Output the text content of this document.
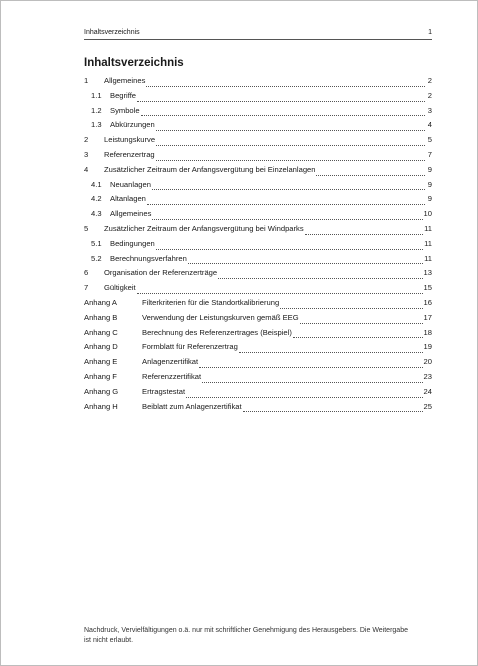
Inhaltsverzeichnis	1
Inhaltsverzeichnis
1	Allgemeines	2
1.1	Begriffe	2
1.2	Symbole	3
1.3	Abkürzungen	4
2	Leistungskurve	5
3	Referenzertrag	7
4	Zusätzlicher Zeitraum der Anfangsvergütung bei Einzelanlagen	9
4.1	Neuanlagen	9
4.2	Altanlagen	9
4.3	Allgemeines	10
5	Zusätzlicher Zeitraum der Anfangsvergütung bei Windparks	11
5.1	Bedingungen	11
5.2	Berechnungsverfahren	11
6	Organisation der Referenzerträge	13
7	Gültigkeit	15
Anhang A	Filterkriterien für die Standortkalibrierung	16
Anhang B	Verwendung der Leistungskurven gemäß EEG	17
Anhang C	Berechnung des Referenzertrages (Beispiel)	18
Anhang D	Formblatt für Referenzertrag	19
Anhang E	Anlagenzertifikat	20
Anhang F	Referenzzertifikat	23
Anhang G	Ertragstestat	24
Anhang H	Beiblatt zum Anlagenzertifikat	25
Nachdruck, Vervielfältigungen o.ä. nur mit schriftlicher Genehmigung des Herausgebers. Die Weitergabe ist nicht erlaubt.
